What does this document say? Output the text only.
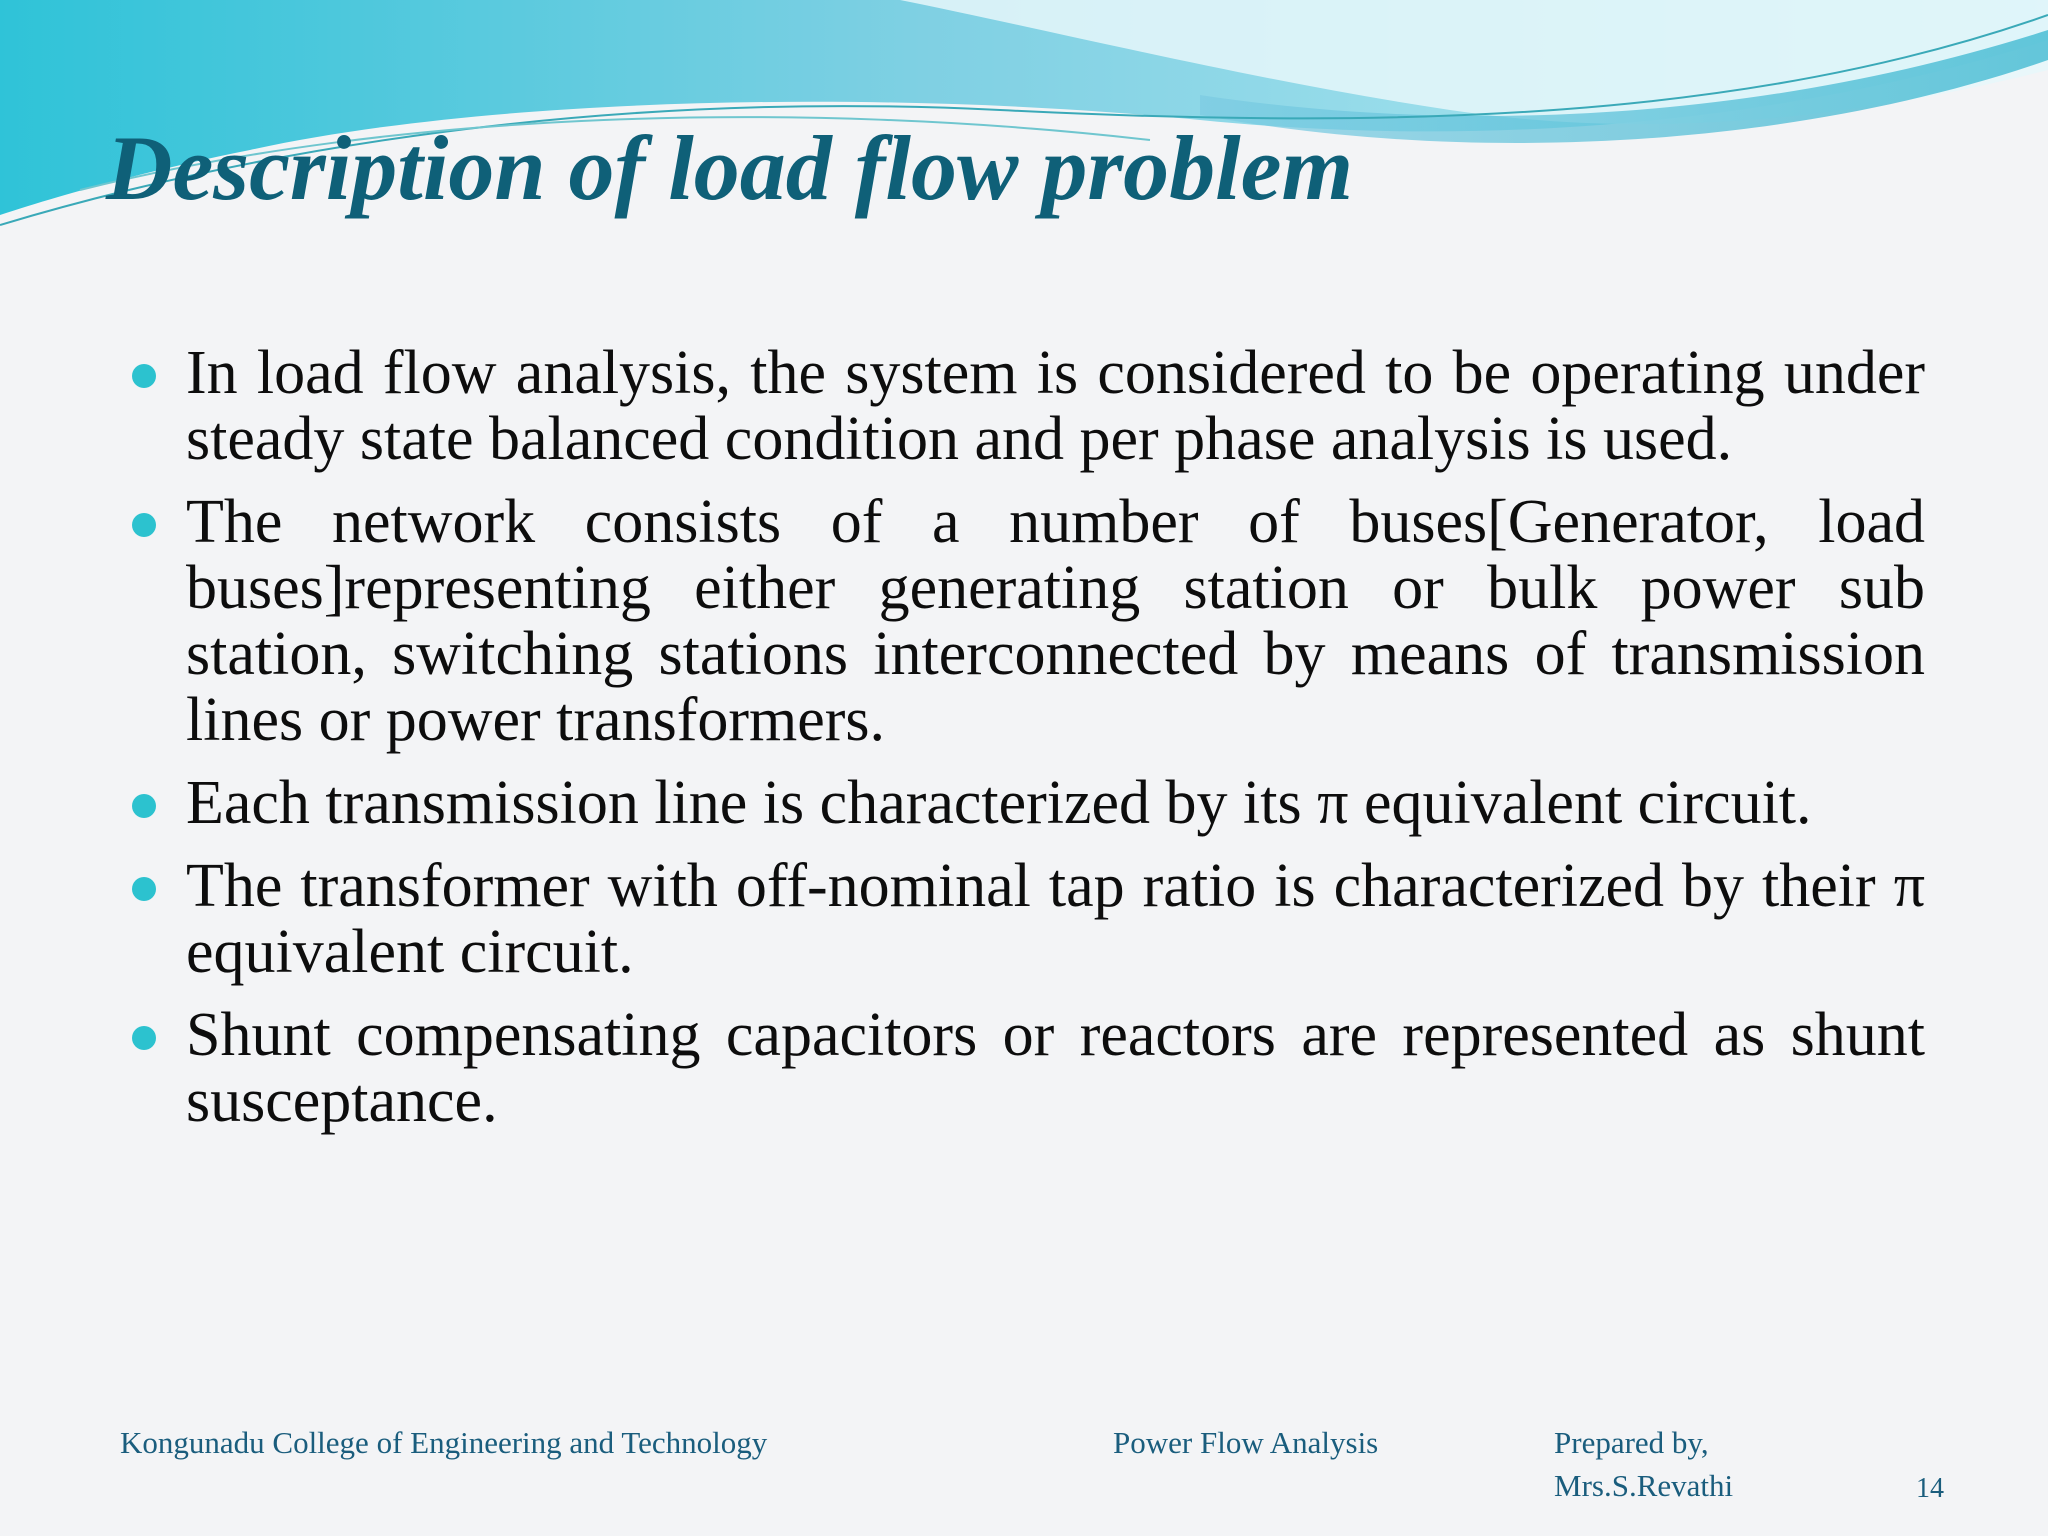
Description of load flow problem
In load flow analysis, the system is considered to be operating under steady state balanced condition and per phase analysis is used.
The network consists of a number of buses[Generator, load buses]representing either generating station or bulk power sub station, switching stations interconnected by means of transmission lines or power transformers.
Each transmission line is characterized by its π equivalent circuit.
The transformer with off-nominal tap ratio is characterized by their π equivalent circuit.
Shunt compensating capacitors or reactors are represented as shunt susceptance.

Kongunadu College of Engineering and Technology	Power Flow Analysis	Prepared by,

Mrs.S.Revathi	14
